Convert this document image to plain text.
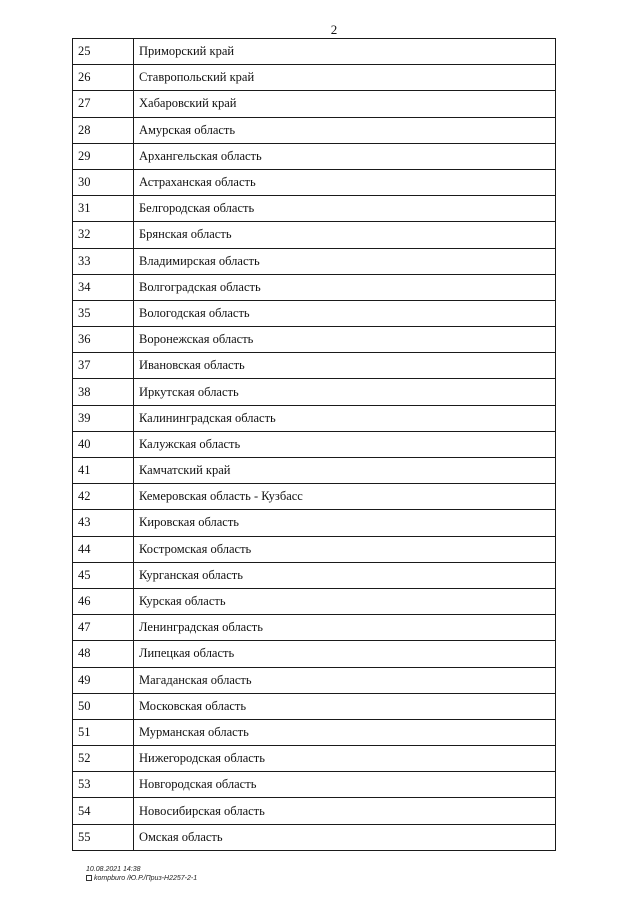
2
25	Приморский край
26	Ставропольский край
27	Хабаровский край
28	Амурская область
29	Архангельская область
30	Астраханская область
31	Белгородская область
32	Брянская область
33	Владимирская область
34	Волгоградская область
35	Вологодская область
36	Воронежская область
37	Ивановская область
38	Иркутская область
39	Калининградская область
40	Калужская область
41	Камчатский край
42	Кемеровская область - Кузбасс
43	Кировская область
44	Костромская область
45	Курганская область
46	Курская область
47	Ленинградская область
48	Липецкая область
49	Магаданская область
50	Московская область
51	Мурманская область
52	Нижегородская область
53	Новгородская область
54	Новосибирская область
55	Омская область
10.08.2021 14:38
kompburo /Ю.Р./Приз-Н2257-2-1
